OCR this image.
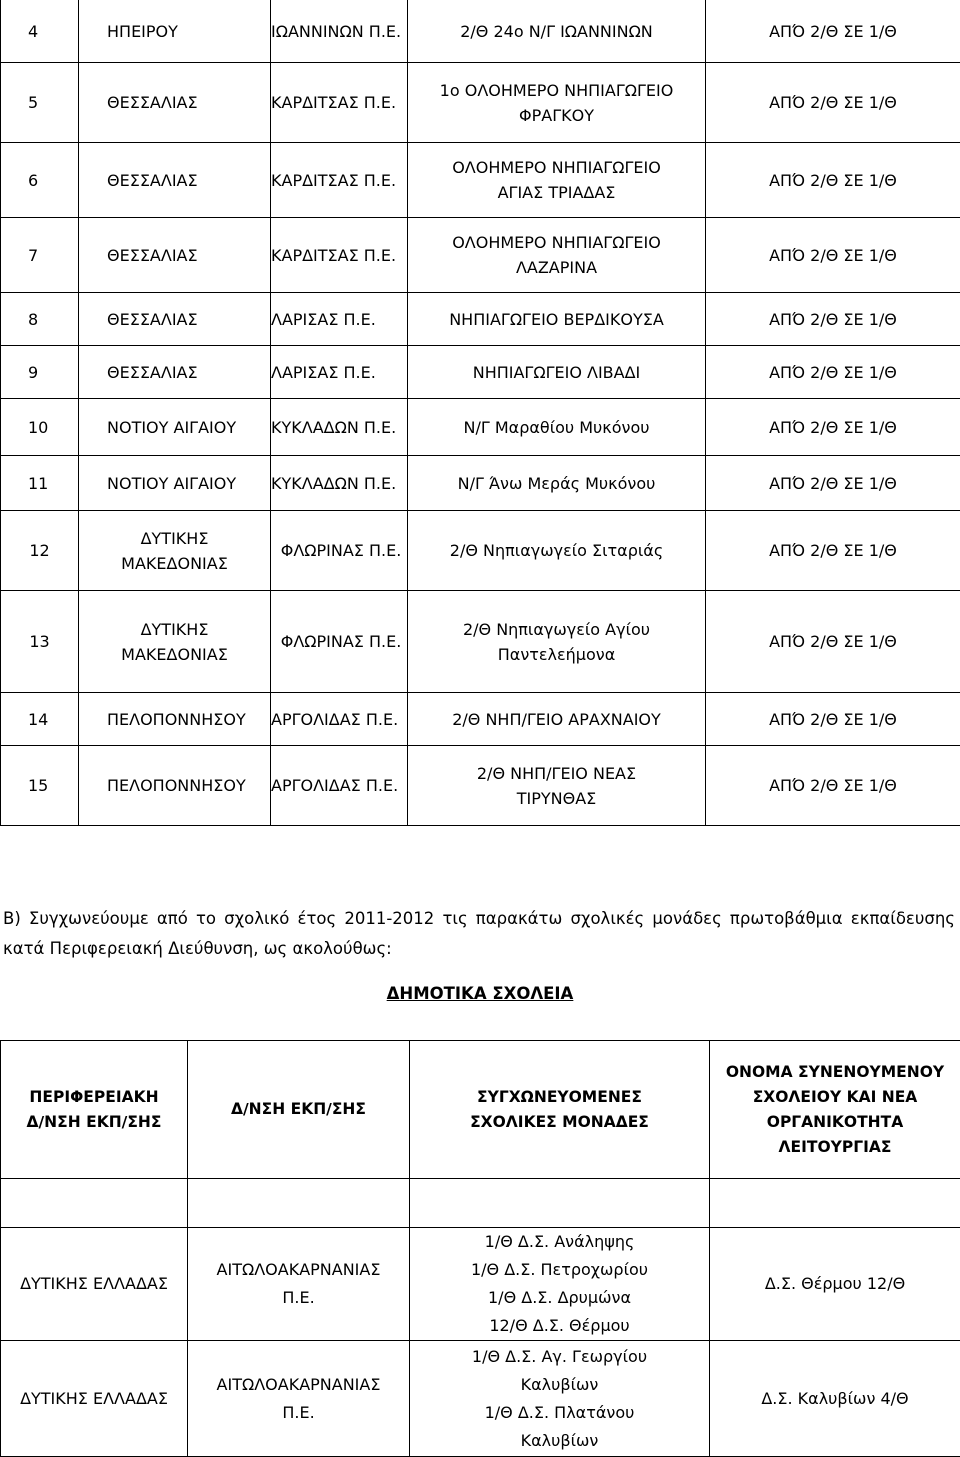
4	ΗΠΕΙΡΟΥ	ΙΩΑΝΝΙΝΩΝ Π.Ε.	2/Θ 24ο Ν/Γ ΙΩΑΝΝΙΝΩΝ	ΑΠΌ 2/Θ ΣΕ 1/Θ
5	ΘΕΣΣΑΛΙΑΣ	ΚΑΡΔΙΤΣΑΣ Π.Ε.	1ο ΟΛΟΗΜΕΡΟ ΝΗΠΙΑΓΩΓΕΙΟ ΦΡΑΓΚΟΥ	ΑΠΌ 2/Θ ΣΕ 1/Θ
6	ΘΕΣΣΑΛΙΑΣ	ΚΑΡΔΙΤΣΑΣ Π.Ε.	ΟΛΟΗΜΕΡΟ ΝΗΠΙΑΓΩΓΕΙΟ ΑΓΙΑΣ ΤΡΙΑΔΑΣ	ΑΠΌ 2/Θ ΣΕ 1/Θ
7	ΘΕΣΣΑΛΙΑΣ	ΚΑΡΔΙΤΣΑΣ Π.Ε.	ΟΛΟΗΜΕΡΟ ΝΗΠΙΑΓΩΓΕΙΟ ΛΑΖΑΡΙΝΑ	ΑΠΌ 2/Θ ΣΕ 1/Θ
8	ΘΕΣΣΑΛΙΑΣ	ΛΑΡΙΣΑΣ Π.Ε.	ΝΗΠΙΑΓΩΓΕΙΟ ΒΕΡΔΙΚΟΥΣΑ	ΑΠΌ 2/Θ ΣΕ 1/Θ
9	ΘΕΣΣΑΛΙΑΣ	ΛΑΡΙΣΑΣ Π.Ε.	ΝΗΠΙΑΓΩΓΕΙΟ ΛΙΒΑΔΙ	ΑΠΌ 2/Θ ΣΕ 1/Θ
10	ΝΟΤΙΟΥ ΑΙΓΑΙΟΥ	ΚΥΚΛΑΔΩΝ Π.Ε.	Ν/Γ Μαραθίου Μυκόνου	ΑΠΌ 2/Θ ΣΕ 1/Θ
11	ΝΟΤΙΟΥ ΑΙΓΑΙΟΥ	ΚΥΚΛΑΔΩΝ Π.Ε.	Ν/Γ Άνω Μεράς Μυκόνου	ΑΠΌ 2/Θ ΣΕ 1/Θ
12	ΔΥΤΙΚΗΣ ΜΑΚΕΔΟΝΙΑΣ	ΦΛΩΡΙΝΑΣ Π.Ε.	2/Θ Νηπιαγωγείο Σιταριάς	ΑΠΌ 2/Θ ΣΕ 1/Θ
13	ΔΥΤΙΚΗΣ ΜΑΚΕΔΟΝΙΑΣ	ΦΛΩΡΙΝΑΣ Π.Ε.	2/Θ Νηπιαγωγείο Αγίου Παντελεήμονα	ΑΠΌ 2/Θ ΣΕ 1/Θ
14	ΠΕΛΟΠΟΝΝΗΣΟΥ	ΑΡΓΟΛΙΔΑΣ Π.Ε.	2/Θ ΝΗΠ/ΓΕΙΟ ΑΡΑΧΝΑΙΟΥ	ΑΠΌ 2/Θ ΣΕ 1/Θ
15	ΠΕΛΟΠΟΝΝΗΣΟΥ	ΑΡΓΟΛΙΔΑΣ Π.Ε.	2/Θ ΝΗΠ/ΓΕΙΟ ΝΕΑΣ ΤΙΡΥΝΘΑΣ	ΑΠΌ 2/Θ ΣΕ 1/Θ

Β) Συγχωνεύουμε από το σχολικό έτος 2011-2012 τις παρακάτω σχολικές μονάδες πρωτοβάθμια εκπαίδευσης κατά Περιφερειακή Διεύθυνση, ως ακολούθως:

ΔΗΜΟΤΙΚΑ ΣΧΟΛΕΙΑ

ΠΕΡΙΦΕΡΕΙΑΚΗ Δ/ΝΣΗ ΕΚΠ/ΣΗΣ	Δ/ΝΣΗ ΕΚΠ/ΣΗΣ	ΣΥΓΧΩΝΕΥΟΜΕΝΕΣ ΣΧΟΛΙΚΕΣ ΜΟΝΑΔΕΣ	ΟΝΟΜΑ ΣΥΝΕΝΟΥΜΕΝΟΥ ΣΧΟΛΕΙΟΥ ΚΑΙ ΝΕΑ ΟΡΓΑΝΙΚΟΤΗΤΑ ΛΕΙΤΟΥΡΓΙΑΣ

ΔΥΤΙΚΗΣ ΕΛΛΑΔΑΣ	ΑΙΤΩΛΟΑΚΑΡΝΑΝΙΑΣ Π.Ε.	1/Θ Δ.Σ. Ανάληψης
1/Θ Δ.Σ. Πετροχωρίου
1/Θ Δ.Σ. Δρυμώνα
12/Θ Δ.Σ. Θέρμου	Δ.Σ. Θέρμου 12/Θ
ΔΥΤΙΚΗΣ ΕΛΛΑΔΑΣ	ΑΙΤΩΛΟΑΚΑΡΝΑΝΙΑΣ Π.Ε.	1/Θ Δ.Σ. Αγ. Γεωργίου Καλυβίων
1/Θ Δ.Σ. Πλατάνου Καλυβίων	Δ.Σ. Καλυβίων 4/Θ
